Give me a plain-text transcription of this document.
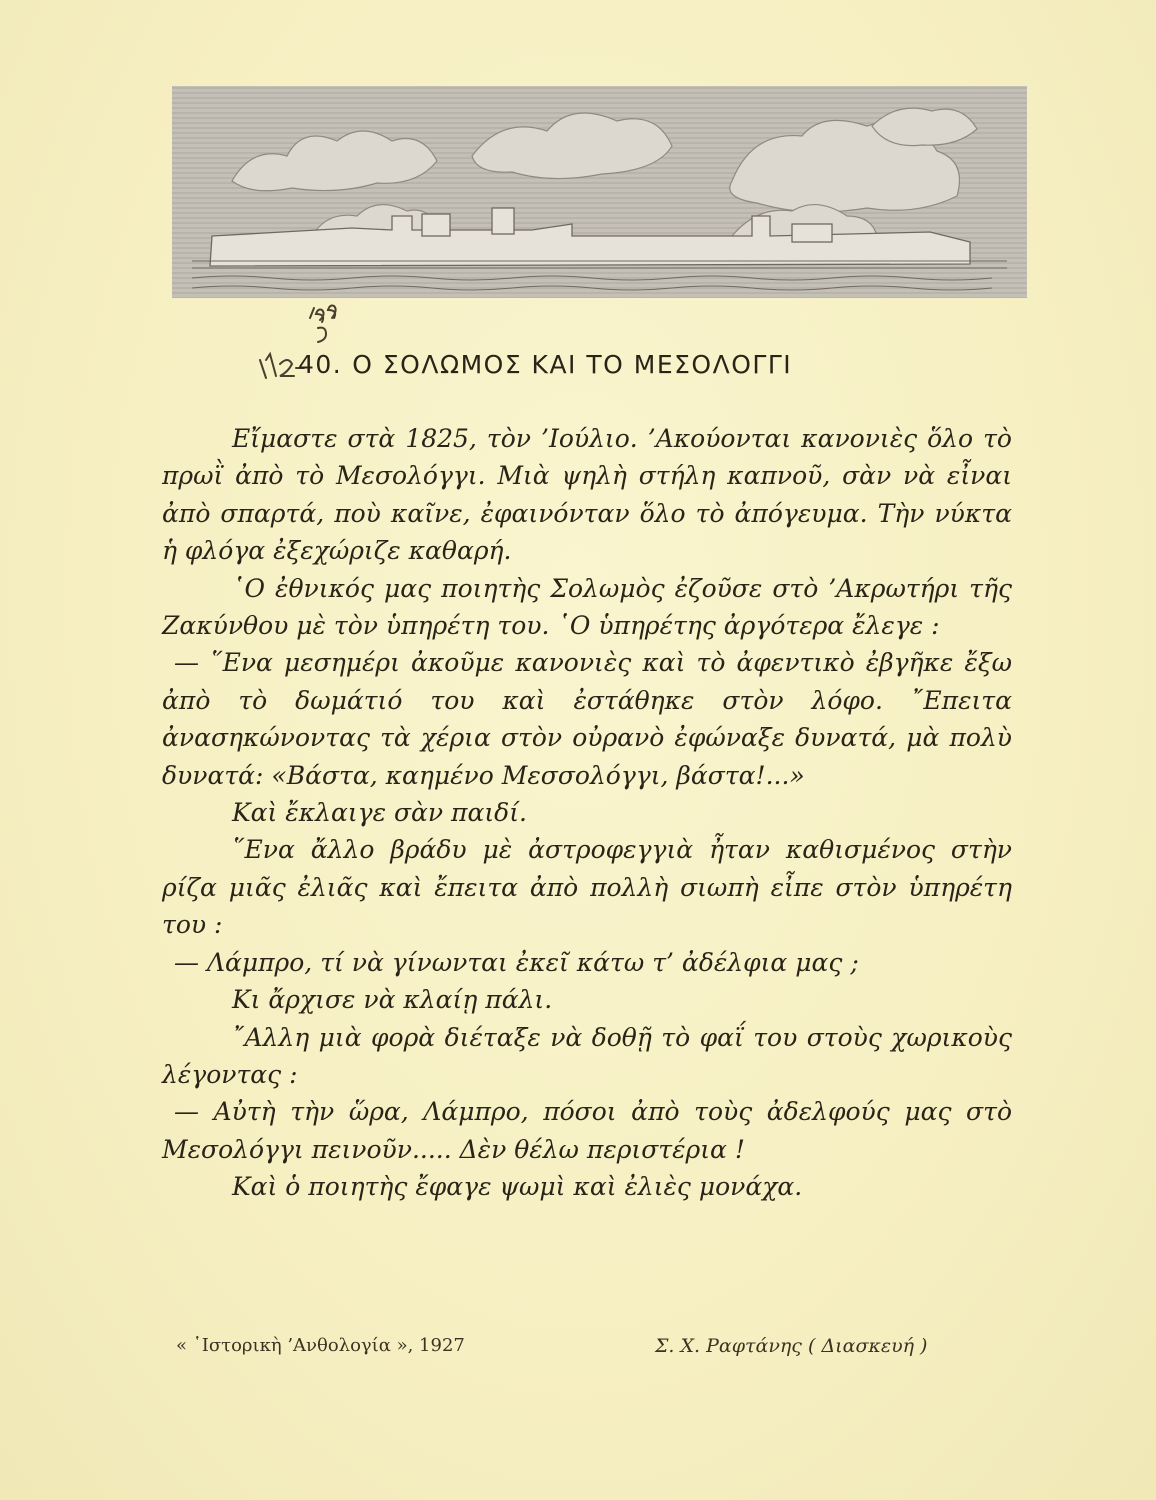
40. Ο ΣΟΛΩΜΟΣ ΚΑΙ ΤΟ ΜΕΣΟΛΟΓΓΙ

Εἴμαστε στὰ 1825, τὸν ’Ιούλιο. ’Ακούονται κανονιὲς ὅλο τὸ πρωῒ ἀπὸ τὸ Μεσολόγγι. Μιὰ ψηλὴ στήλη καπνοῦ, σὰν νὰ εἶναι ἀπὸ σπαρτά, ποὺ καῖνε, ἐφαινόνταν ὅλο τὸ ἀπόγευμα. Τὴν νύκτα ἡ φλόγα ἐξεχώριζε καθαρή.

῾Ο ἐθνικός μας ποιητὴς Σολωμὸς ἐζοῦσε στὸ ’Ακρωτήρι τῆς Ζακύνθου μὲ τὸν ὑπηρέτη του. ῾Ο ὑπηρέτης ἀργότερα ἔλεγε :

— ῞Ενα μεσημέρι ἀκοῦμε κανονιὲς καὶ τὸ ἀφεντικὸ ἐβγῆκε ἔξω ἀπὸ τὸ δωμάτιό του καὶ ἐστάθηκε στὸν λόφο. ῎Επειτα ἀνασηκώνοντας τὰ χέρια στὸν οὐρανὸ ἐφώναξε δυνατά, μὰ πολὺ δυνατά: «Βάστα, καημένο Μεσσολόγγι, βάστα!...»

Καὶ ἔκλαιγε σὰν παιδί.

῞Ενα ἄλλο βράδυ μὲ ἀστροφεγγιὰ ἦταν καθισμένος στὴν ρίζα μιᾶς ἐλιᾶς καὶ ἔπειτα ἀπὸ πολλὴ σιωπὴ εἶπε στὸν ὑπηρέτη του :

— Λάμπρο, τί νὰ γίνωνται ἐκεῖ κάτω τ’ ἀδέλφια μας ;

Κι ἄρχισε νὰ κλαίῃ πάλι.

῎Αλλη μιὰ φορὰ διέταξε νὰ δοθῇ τὸ φαΐ του στοὺς χωρικοὺς λέγοντας :

— Αὐτὴ τὴν ὥρα, Λάμπρο, πόσοι ἀπὸ τοὺς ἀδελφούς μας στὸ Μεσολόγγι πεινοῦν..... Δὲν θέλω περιστέρια !

Καὶ ὁ ποιητὴς ἔφαγε ψωμὶ καὶ ἐλιὲς μονάχα.

« ῾Ιστορικὴ ’Ανθολογία », 1927	Σ. Χ. Ραφτάνης ( Διασκευή )
